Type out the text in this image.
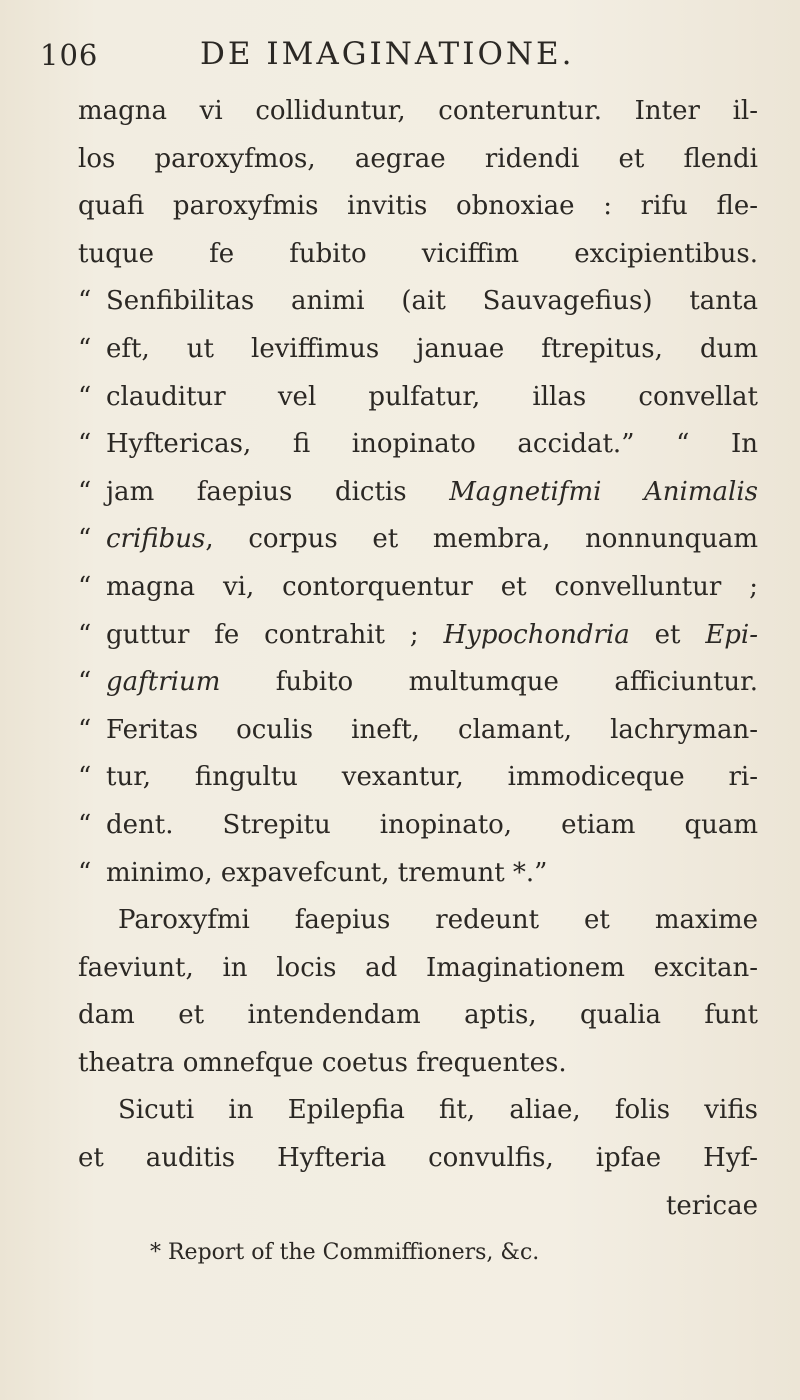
106	DE IMAGINATIONE.
magna vi colliduntur, conteruntur. Inter il-
los paroxyfmos, aegrae ridendi et flendi
quafi paroxyfmis invitis obnoxiae : rifu fle-
tuque fe fubito viciffim excipientibus.
“ Senfibilitas animi (ait Sauvagefius) tanta
“ eft, ut leviffimus januae ftrepitus, dum
“ clauditur vel pulfatur, illas convellat
“ Hyftericas, fi inopinato accidat.” “ In
“ jam faepius dictis Magnetifmi Animalis
“ crifibus, corpus et membra, nonnunquam
“ magna vi, contorquentur et convelluntur ;
“ guttur fe contrahit ; Hypochondria et Epi-
“ gaftrium fubito multumque afficiuntur.
“ Feritas oculis ineft, clamant, lachryman-
“ tur, fingultu vexantur, immodiceque ri-
“ dent. Strepitu inopinato, etiam quam
“ minimo, expavefcunt, tremunt *.”
Paroxyfmi faepius redeunt et maxime
faeviunt, in locis ad Imaginationem excitan-
dam et intendendam aptis, qualia funt
theatra omnefque coetus frequentes.
Sicuti in Epilepfia fit, aliae, folis vifis
et auditis Hyfteria convulfis, ipfae Hyf-
tericae
* Report of the Commiffioners, &c.
